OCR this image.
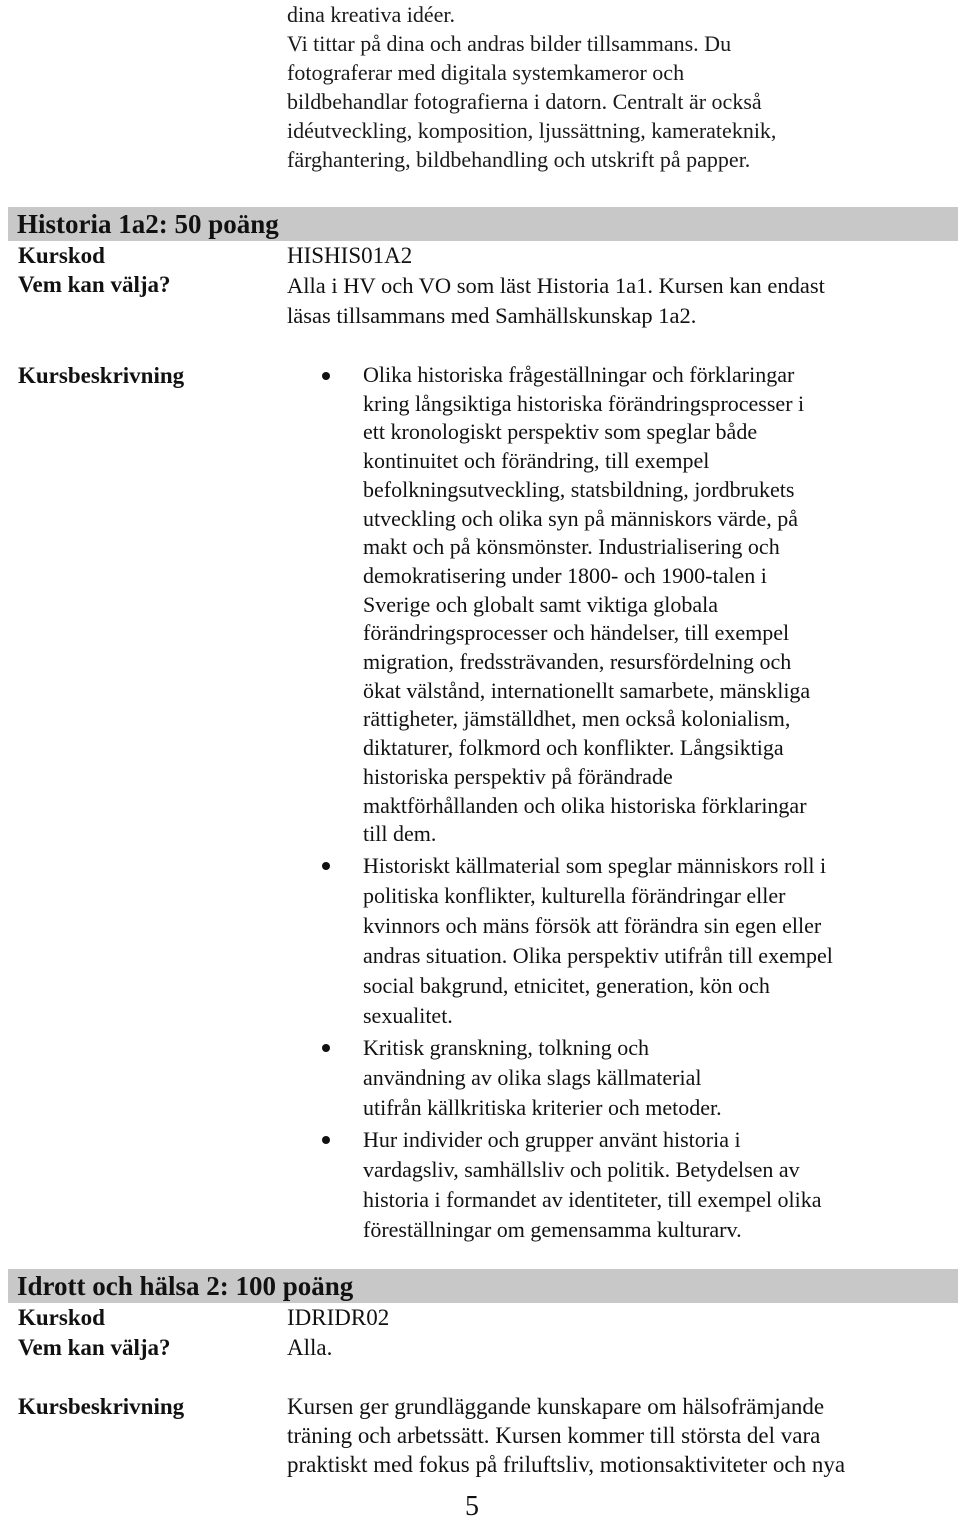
dina kreativa idéer.
Vi tittar på dina och andras bilder tillsammans. Du
fotograferar med digitala systemkameror och
bildbehandlar fotografierna i datorn. Centralt är också
idéutveckling, komposition, ljussättning, kamerateknik,
färghantering, bildbehandling och utskrift på papper.
Historia 1a2: 50 poäng
Kurskod	HISHIS01A2
Vem kan välja?	Alla i HV och VO som läst Historia 1a1. Kursen kan endast
läsas tillsammans med Samhällskunskap 1a2.
Kursbeskrivning	Olika historiska frågeställningar och förklaringar
kring långsiktiga historiska förändringsprocesser i
ett kronologiskt perspektiv som speglar både
kontinuitet och förändring, till exempel
befolkningsutveckling, statsbildning, jordbrukets
utveckling och olika syn på människors värde, på
makt och på könsmönster. Industrialisering och
demokratisering under 1800- och 1900-talen i
Sverige och globalt samt viktiga globala
förändringsprocesser och händelser, till exempel
migration, fredssträvanden, resursfördelning och
ökat välstånd, internationellt samarbete, mänskliga
rättigheter, jämställdhet, men också kolonialism,
diktaturer, folkmord och konflikter. Långsiktiga
historiska perspektiv på förändrade
maktförhållanden och olika historiska förklaringar
till dem.
Historiskt källmaterial som speglar människors roll i
politiska konflikter, kulturella förändringar eller
kvinnors och mäns försök att förändra sin egen eller
andras situation. Olika perspektiv utifrån till exempel
social bakgrund, etnicitet, generation, kön och
sexualitet.
Kritisk granskning, tolkning och
användning av olika slags källmaterial
utifrån källkritiska kriterier och metoder.
Hur individer och grupper använt historia i
vardagsliv, samhällsliv och politik. Betydelsen av
historia i formandet av identiteter, till exempel olika
föreställningar om gemensamma kulturarv.
Idrott och hälsa 2: 100 poäng
Kurskod	IDRIDR02
Vem kan välja?	Alla.
Kursbeskrivning	Kursen ger grundläggande kunskapare om hälsofrämjande
träning och arbetssätt. Kursen kommer till största del vara
praktiskt med fokus på friluftsliv, motionsaktiviteter och nya
5
